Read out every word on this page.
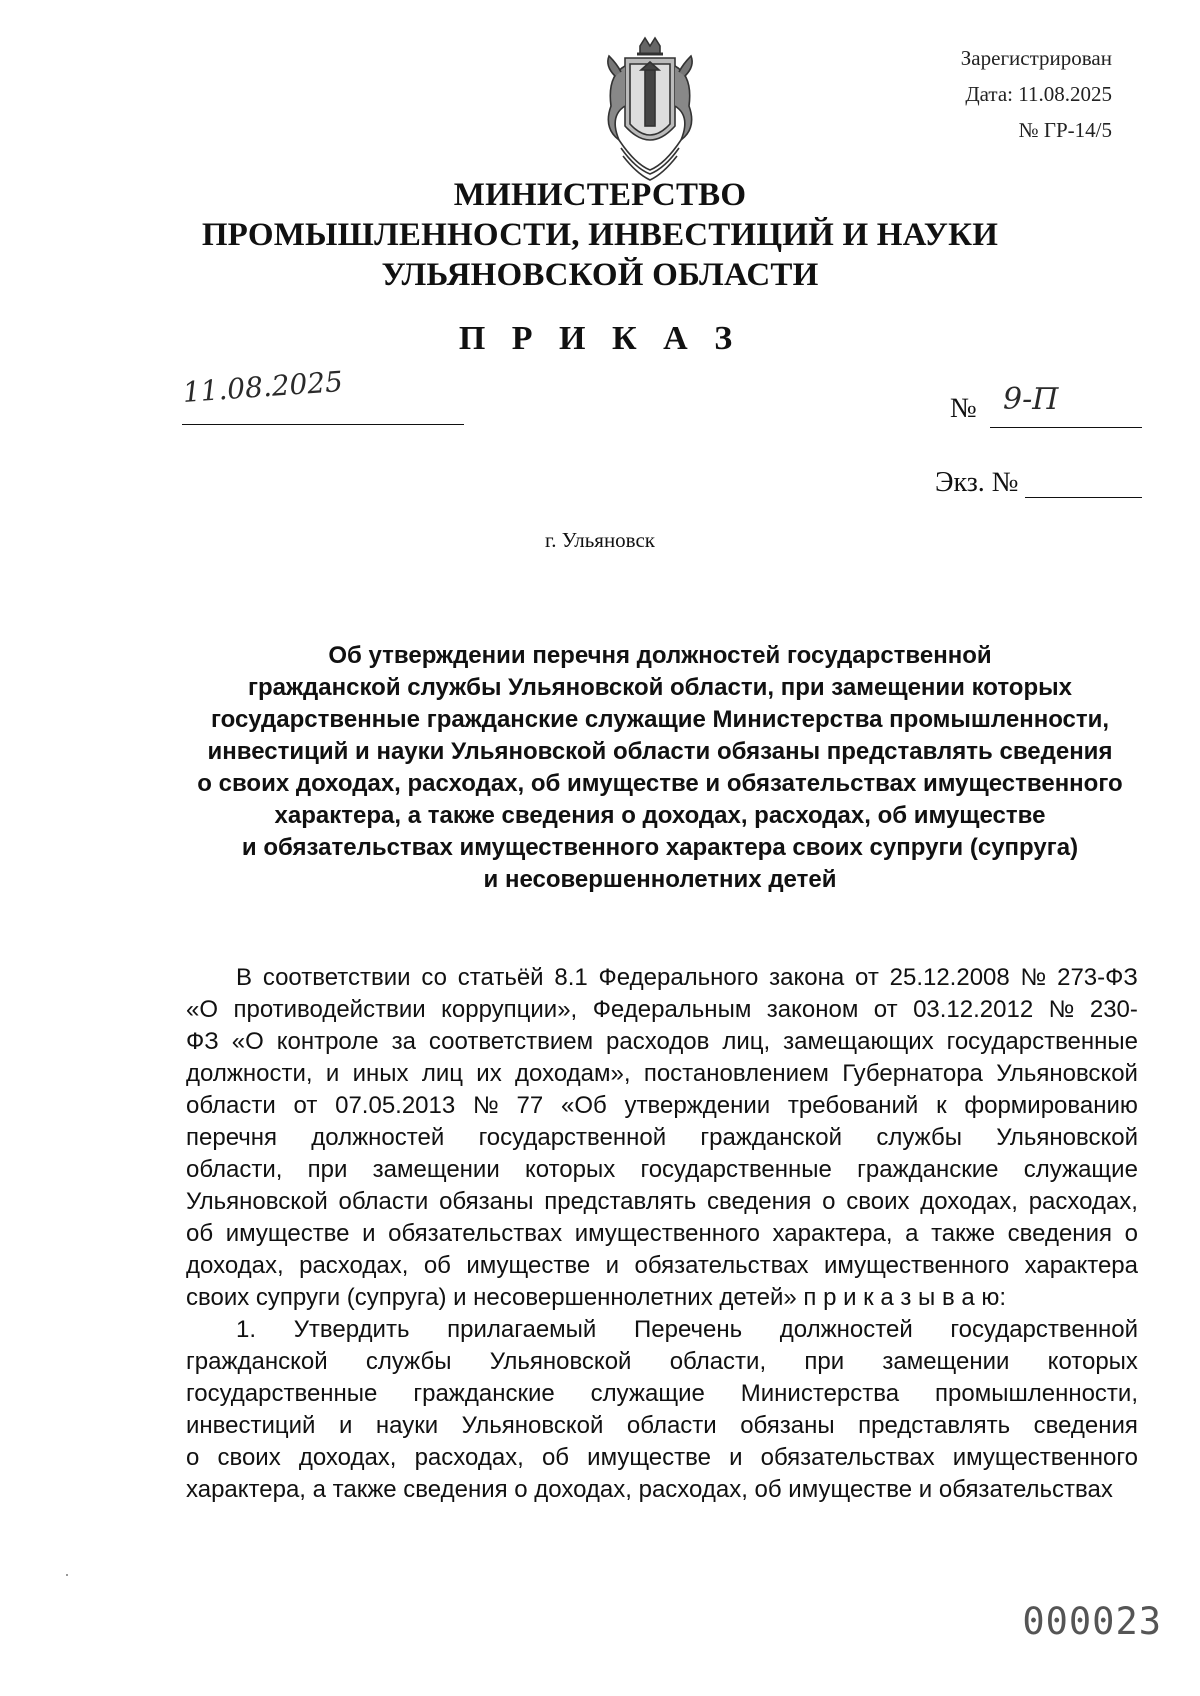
Зарегистрирован
Дата: 11.08.2025
№ ГР-14/5
МИНИСТЕРСТВО
ПРОМЫШЛЕННОСТИ, ИНВЕСТИЦИЙ И НАУКИ
УЛЬЯНОВСКОЙ ОБЛАСТИ
П Р И К А З
11.08.2025	№ 9-П
Экз. №
г. Ульяновск
Об утверждении перечня должностей государственной
гражданской службы Ульяновской области, при замещении которых
государственные гражданские служащие Министерства промышленности,
инвестиций и науки Ульяновской области обязаны представлять сведения
о своих доходах, расходах, об имуществе и обязательствах имущественного
характера, а также сведения о доходах, расходах, об имуществе
и обязательствах имущественного характера своих супруги (супруга)
и несовершеннолетних детей
В соответствии со статьёй 8.1 Федерального закона от 25.12.2008 № 273-ФЗ
«О противодействии коррупции», Федеральным законом от 03.12.2012 № 230-
ФЗ «О контроле за соответствием расходов лиц, замещающих государственные
должности, и иных лиц их доходам», постановлением Губернатора Ульяновской
области от 07.05.2013 № 77 «Об утверждении требований к формированию
перечня должностей государственной гражданской службы Ульяновской
области, при замещении которых государственные гражданские служащие
Ульяновской области обязаны представлять сведения о своих доходах, расходах,
об имуществе и обязательствах имущественного характера, а также сведения о
доходах, расходах, об имуществе и обязательствах имущественного характера
своих супруги (супруга) и несовершеннолетних детей» п р и к а з ы в а ю:
1. Утвердить прилагаемый Перечень должностей государственной
гражданской службы Ульяновской области, при замещении которых
государственные гражданские служащие Министерства промышленности,
инвестиций и науки Ульяновской области обязаны представлять сведения
о своих доходах, расходах, об имуществе и обязательствах имущественного
характера, а также сведения о доходах, расходах, об имуществе и обязательствах
000023
